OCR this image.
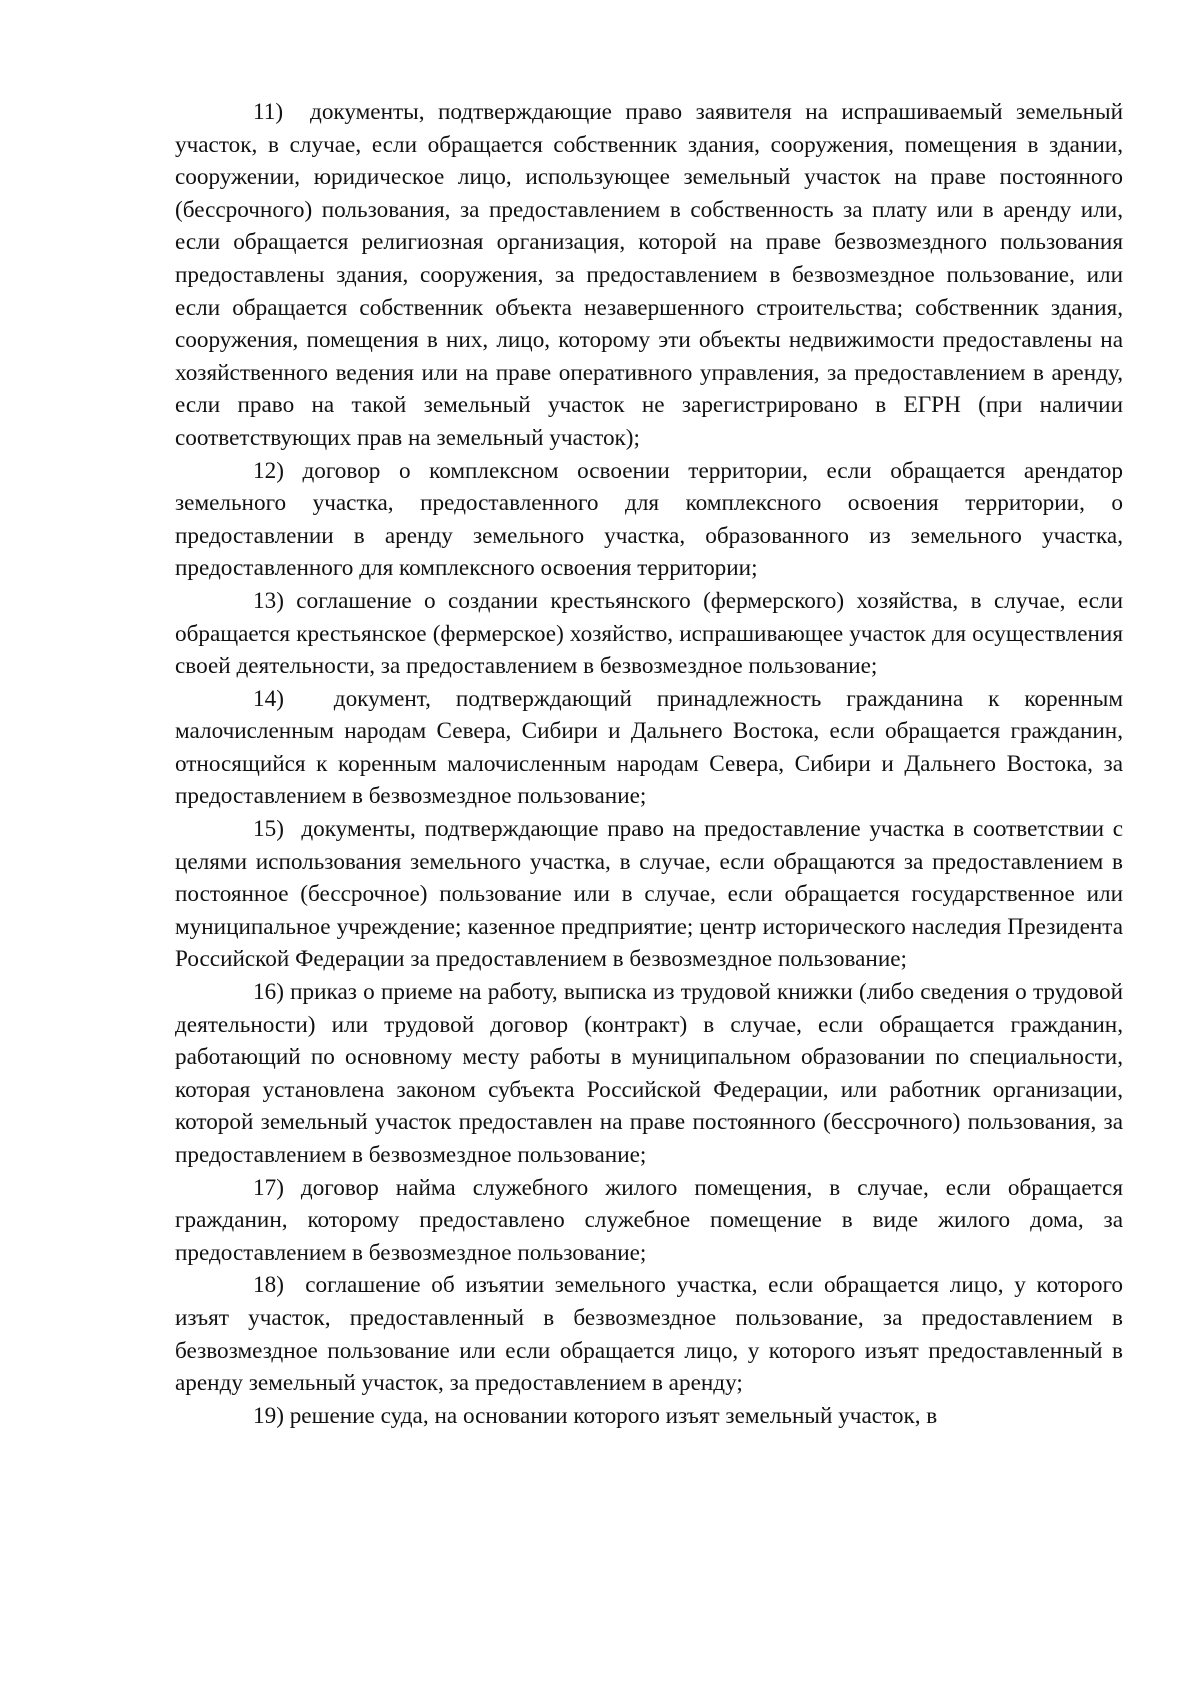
11)  документы, подтверждающие право заявителя на испрашиваемый земельный участок, в случае, если обращается собственник здания, сооружения, помещения в здании, сооружении, юридическое лицо, использующее земельный участок на праве постоянного (бессрочного) пользования, за предоставлением в собственность за плату или в аренду или, если обращается религиозная организация, которой на праве безвозмездного пользования предоставлены здания, сооружения, за предоставлением в безвозмездное пользование, или если обращается собственник объекта незавершенного строительства; собственник здания, сооружения, помещения в них, лицо, которому эти объекты недвижимости предоставлены на хозяйственного ведения или на праве оперативного управления, за предоставлением в аренду, если право на такой земельный участок не зарегистрировано в ЕГРН (при наличии соответствующих прав на земельный участок);

12) договор о комплексном освоении территории, если обращается арендатор земельного участка, предоставленного для комплексного освоения территории, о предоставлении в аренду земельного участка, образованного из земельного участка, предоставленного для комплексного освоения территории;

13) соглашение о создании крестьянского (фермерского) хозяйства, в случае, если обращается крестьянское (фермерское) хозяйство, испрашивающее участок для осуществления своей деятельности, за предоставлением в безвозмездное пользование;

14)  документ, подтверждающий принадлежность гражданина к коренным малочисленным народам Севера, Сибири и Дальнего Востока, если обращается гражданин, относящийся к коренным малочисленным народам Севера, Сибири и Дальнего Востока, за предоставлением в безвозмездное пользование;

15)  документы, подтверждающие право на предоставление участка в соответствии с целями использования земельного участка, в случае, если обращаются за предоставлением в постоянное (бессрочное) пользование или в случае, если обращается государственное или муниципальное учреждение; казенное предприятие; центр исторического наследия Президента Российской Федерации за предоставлением в безвозмездное пользование;

16) приказ о приеме на работу, выписка из трудовой книжки (либо сведения о трудовой деятельности) или трудовой договор (контракт) в случае, если обращается гражданин, работающий по основному месту работы в муниципальном образовании по специальности, которая установлена законом субъекта Российской Федерации, или работник организации, которой земельный участок предоставлен на праве постоянного (бессрочного) пользования, за предоставлением в безвозмездное пользование;

17) договор найма служебного жилого помещения, в случае, если обращается гражданин, которому предоставлено служебное помещение в виде жилого дома, за предоставлением в безвозмездное пользование;

18)  соглашение об изъятии земельного участка, если обращается лицо, у которого изъят участок, предоставленный в безвозмездное пользование, за предоставлением в безвозмездное пользование или если обращается лицо, у которого изъят предоставленный в аренду земельный участок, за предоставлением в аренду;

19) решение суда, на основании которого изъят земельный участок, в
